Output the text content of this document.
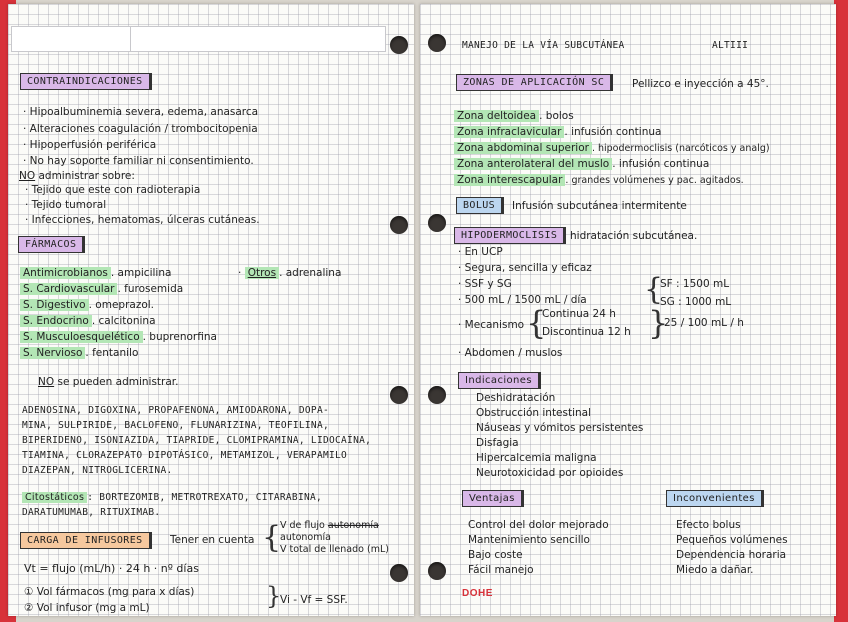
CONTRAINDICACIONES
· Hipoalbuminemia severa, edema, anasarca
· Alteraciones coagulación / trombocitopenia
· Hipoperfusión periférica
· No hay soporte familiar ni consentimiento.
NO administrar sobre:
· Tejido que este con radioterapia
· Tejido tumoral
· Infecciones, hematomas, úlceras cutáneas.
FÁRMACOS
Antimicrobianos . ampicilina
S. Cardiovascular . furosemida
S. Digestivo . omeprazol.
S. Endocrino . calcitonina
S. Musculoesquelético . buprenorfina
S. Nervioso . fentanilo
· Otros . adrenalina
NO se pueden administrar.
ADENOSINA, DIGOXINA, PROPAFENONA, AMIODARONA, DOPA-
MINA, SULPIRIDE, BACLOFENO, FLUNARIZINA, TEOFILINA,
BIPERIDENO, ISONIAZIDA, TIAPRIDE, CLOMIPRAMINA, LIDOCAÍNA,
TIAMINA, CLORAZEPATO DIPOTÁSICO, METAMIZOL, VERAPAMILO
DIAZEPAN, NITROGLICERINA.
Citostáticos : BORTEZOMIB, METROTREXATO, CITARABINA,
DARATUMUMAB, RITUXIMAB.
CARGA DE INFUSORES	Tener en cuenta {
V de flujo autonomía
autonomía
V total de llenado (mL)
Vt = flujo (mL/h) · 24 h · nº días
① Vol fármacos (mg para x días)
② Vol infusor (mg a mL)	}
Vi - Vf = SSF.
MANEJO DE LA VÍA SUBCUTÁNEA	ALTIII
ZONAS DE APLICACIÓN SC	Pellizco e inyección a 45°.
Zona deltoidea . bolos
Zona infraclavicular . infusión continua
Zona abdominal superior . hipodermoclisis (narcóticos y analg)
Zona anterolateral del muslo . infusión continua
Zona interescapular . grandes volúmenes y pac. agitados.
BOLUS	Infusión subcutánea intermitente
HIPODERMOCLISIS	hidratación subcutánea.
· En UCP
· Segura, sencilla y eficaz
· SSF y SG
· 500 mL / 1500 mL / día {
SF : 1500 mL
SG : 1000 mL
· Mecanismo {
Continua 24 h
Discontinua 12 h }
25 / 100 mL / h
· Abdomen / muslos
Indicaciones
Deshidratación
Obstrucción intestinal
Náuseas y vómitos persistentes
Disfagia
Hipercalcemia maligna
Neurotoxicidad por opioides
Ventajas
Control del dolor mejorado
Mantenimiento sencillo
Bajo coste
Fácil manejo
Inconvenientes
Efecto bolus
Pequeños volúmenes
Dependencia horaria
Miedo a dañar.
DOHE
